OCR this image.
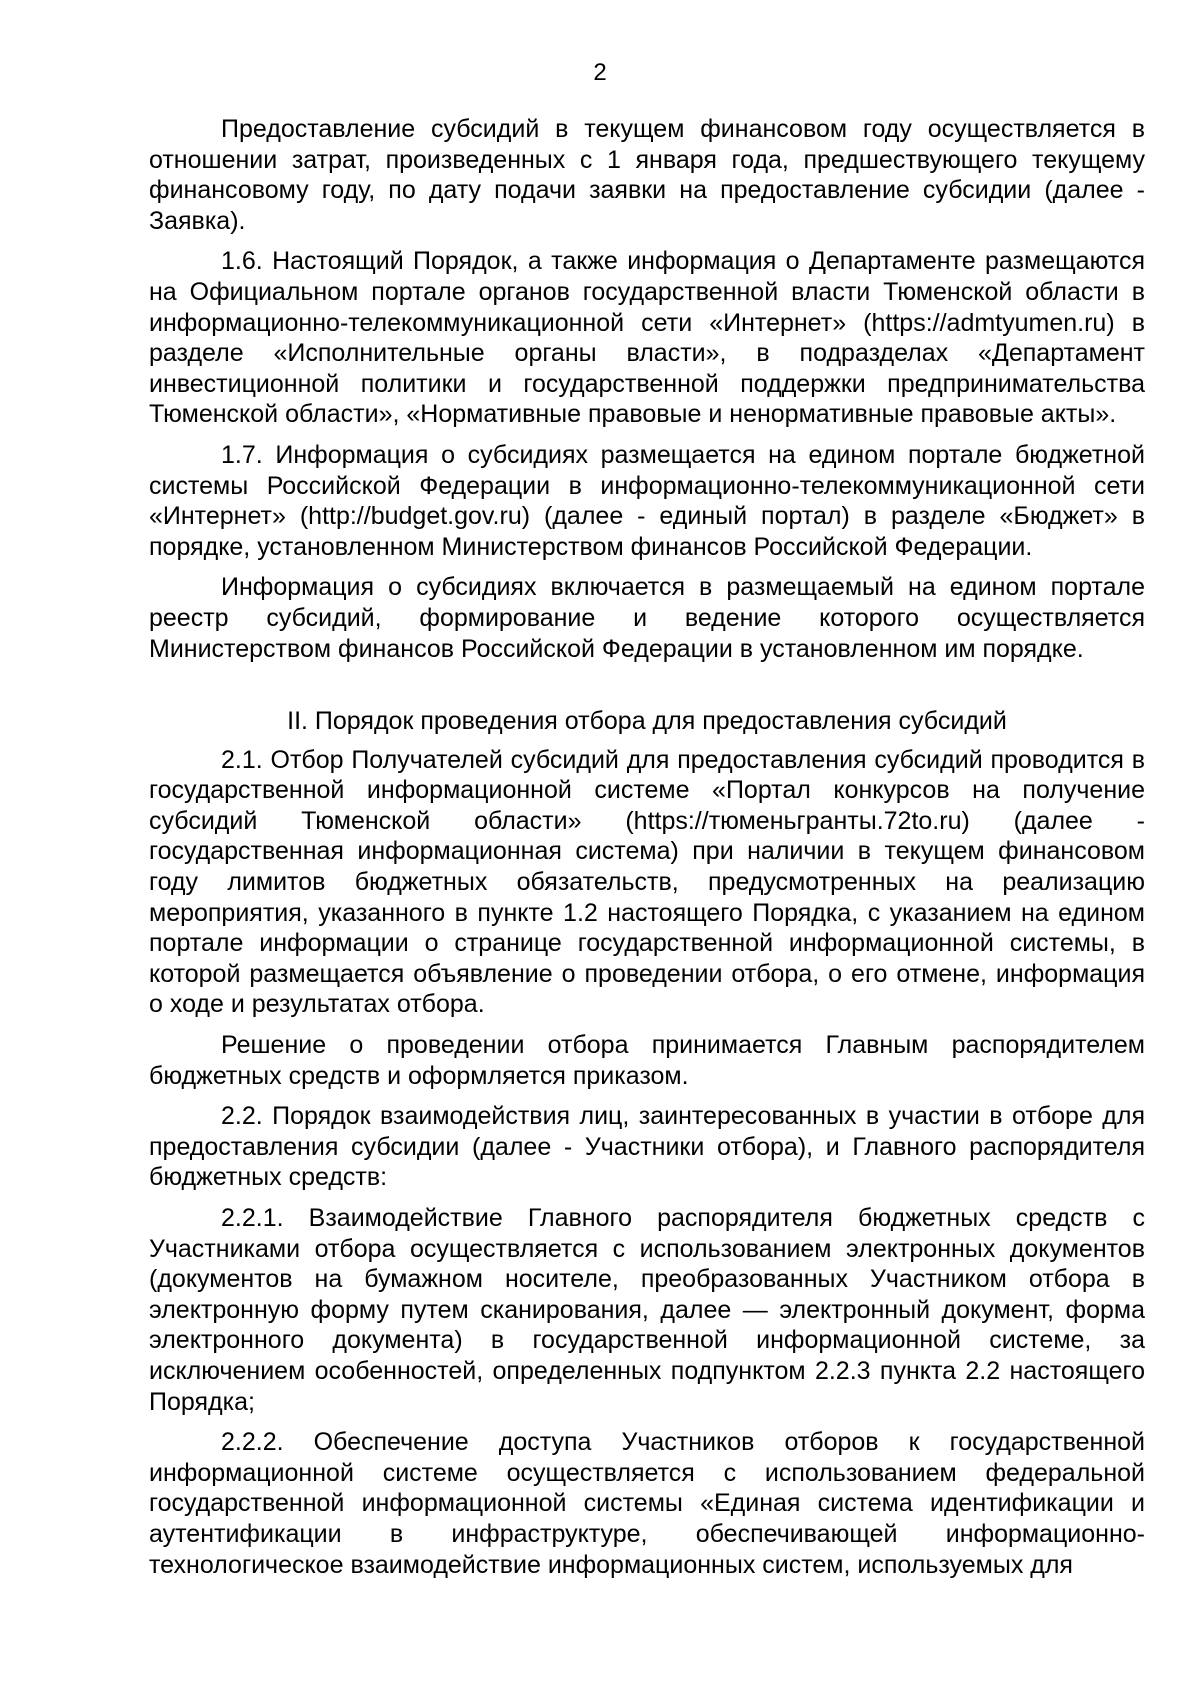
2

Предоставление субсидий в текущем финансовом году осуществляется в отношении затрат, произведенных с 1 января года, предшествующего текущему финансовому году, по дату подачи заявки на предоставление субсидии (далее - Заявка).

1.6. Настоящий Порядок, а также информация о Департаменте размещаются на Официальном портале органов государственной власти Тюменской области в информационно-телекоммуникационной сети «Интернет» (https://admtyumen.ru) в разделе «Исполнительные органы власти», в подразделах «Департамент инвестиционной политики и государственной поддержки предпринимательства Тюменской области», «Нормативные правовые и ненормативные правовые акты».

1.7. Информация о субсидиях размещается на едином портале бюджетной системы Российской Федерации в информационно-телекоммуникационной сети «Интернет» (http://budget.gov.ru) (далее - единый портал) в разделе «Бюджет» в порядке, установленном Министерством финансов Российской Федерации.

Информация о субсидиях включается в размещаемый на едином портале реестр субсидий, формирование и ведение которого осуществляется Министерством финансов Российской Федерации в установленном им порядке.

II. Порядок проведения отбора для предоставления субсидий

2.1. Отбор Получателей субсидий для предоставления субсидий проводится в государственной информационной системе «Портал конкурсов на получение субсидий Тюменской области» (https://тюменьгранты.72to.ru) (далее - государственная информационная система) при наличии в текущем финансовом году лимитов бюджетных обязательств, предусмотренных на реализацию мероприятия, указанного в пункте 1.2 настоящего Порядка, с указанием на едином портале информации о странице государственной информационной системы, в которой размещается объявление о проведении отбора, о его отмене, информация о ходе и результатах отбора.

Решение о проведении отбора принимается Главным распорядителем бюджетных средств и оформляется приказом.

2.2. Порядок взаимодействия лиц, заинтересованных в участии в отборе для предоставления субсидии (далее - Участники отбора), и Главного распорядителя бюджетных средств:

2.2.1. Взаимодействие Главного распорядителя бюджетных средств с Участниками отбора осуществляется с использованием электронных документов (документов на бумажном носителе, преобразованных Участником отбора в электронную форму путем сканирования, далее — электронный документ, форма электронного документа) в государственной информационной системе, за исключением особенностей, определенных подпунктом 2.2.3 пункта 2.2 настоящего Порядка;

2.2.2. Обеспечение доступа Участников отборов к государственной информационной системе осуществляется с использованием федеральной государственной информационной системы «Единая система идентификации и аутентификации в инфраструктуре, обеспечивающей информационно-технологическое взаимодействие информационных систем, используемых для
